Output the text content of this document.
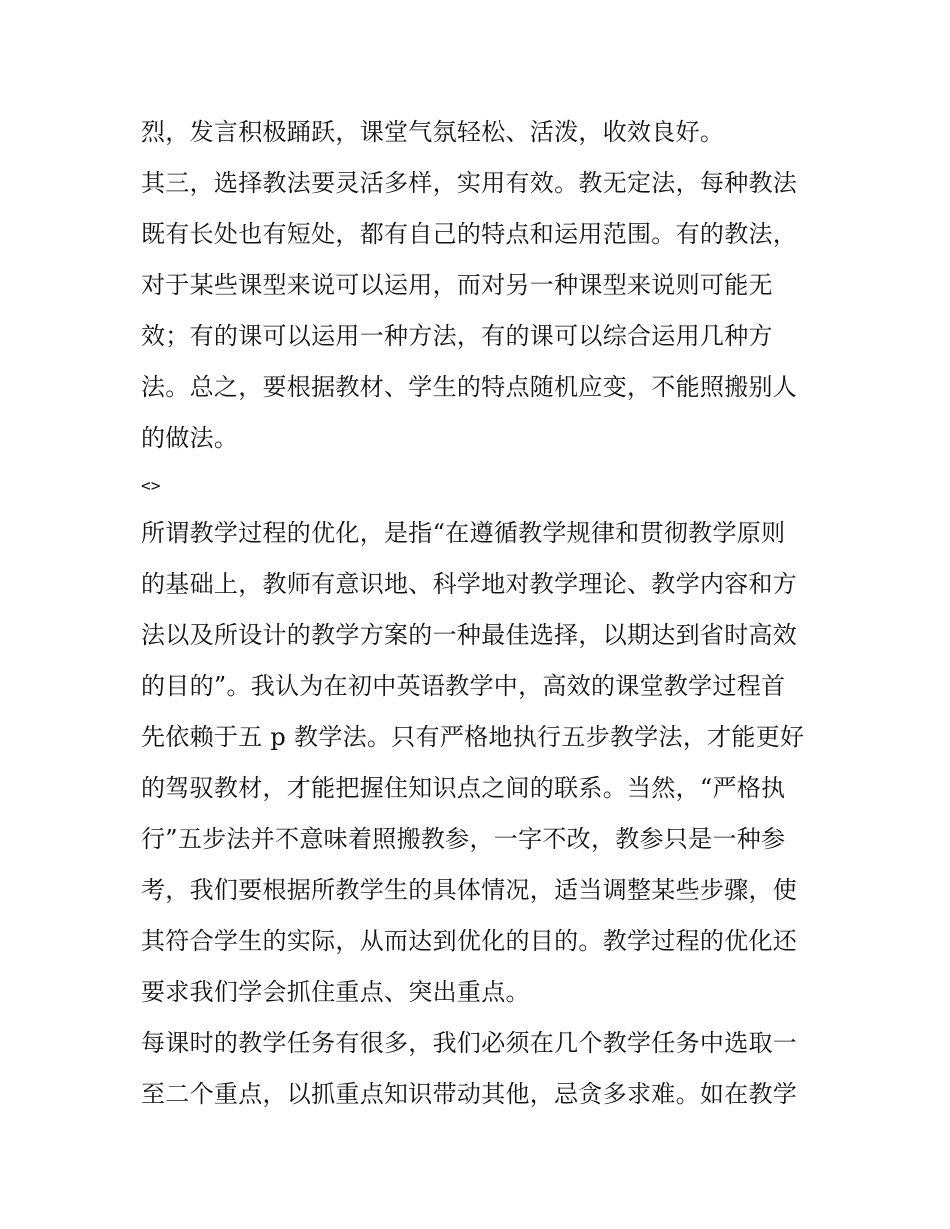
烈，发言积极踊跃，课堂气氛轻松、活泼，收效良好。
其三，选择教法要灵活多样，实用有效。教无定法，每种教法
既有长处也有短处，都有自己的特点和运用范围。有的教法，
对于某些课型来说可以运用，而对另一种课型来说则可能无
效；有的课可以运用一种方法，有的课可以综合运用几种方
法。总之，要根据教材、学生的特点随机应变，不能照搬别人
的做法。
<>
所谓教学过程的优化，是指“在遵循教学规律和贯彻教学原则
的基础上，教师有意识地、科学地对教学理论、教学内容和方
法以及所设计的教学方案的一种最佳选择，以期达到省时高效
的目的”。我认为在初中英语教学中，高效的课堂教学过程首
先依赖于五 p 教学法。只有严格地执行五步教学法，才能更好
的驾驭教材，才能把握住知识点之间的联系。当然，“严格执
行”五步法并不意味着照搬教参，一字不改，教参只是一种参
考，我们要根据所教学生的具体情况，适当调整某些步骤，使
其符合学生的实际，从而达到优化的目的。教学过程的优化还
要求我们学会抓住重点、突出重点。
每课时的教学任务有很多，我们必须在几个教学任务中选取一
至二个重点，以抓重点知识带动其他，忌贪多求难。如在教学
